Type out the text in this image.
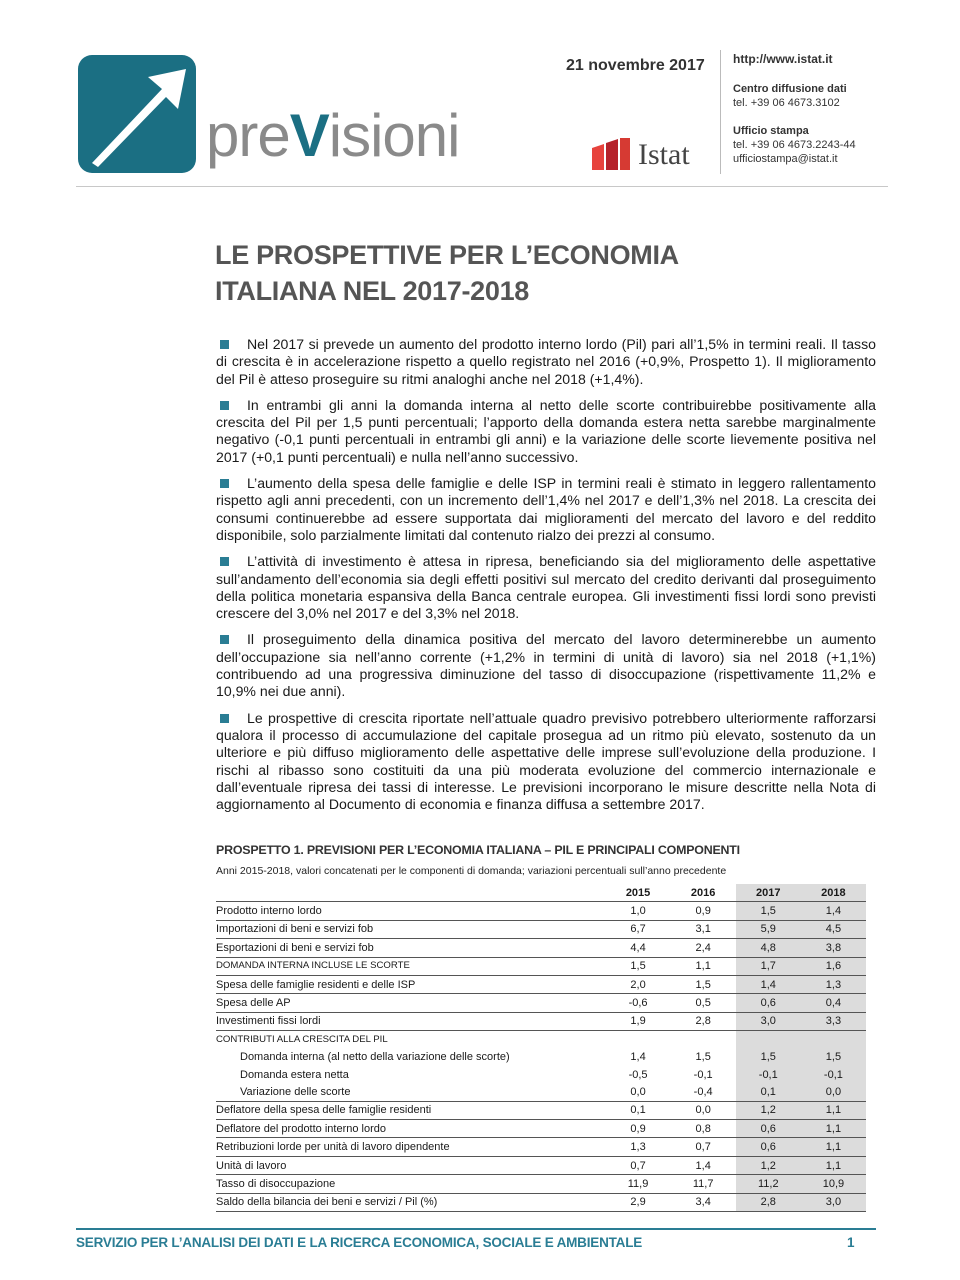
preVisioni
21 novembre 2017
Istat
http://www.istat.it
Centro diffusione dati
tel. +39 06 4673.3102
Ufficio stampa
tel. +39 06 4673.2243-44
ufficiostampa@istat.it
LE PROSPETTIVE PER L’ECONOMIA
ITALIANA NEL 2017-2018

Nel 2017 si prevede un aumento del prodotto interno lordo (Pil) pari all’1,5% in termini reali. Il tasso di crescita è in accelerazione rispetto a quello registrato nel 2016 (+0,9%, Prospetto 1). Il miglioramento del Pil è atteso proseguire su ritmi analoghi anche nel 2018 (+1,4%).

In entrambi gli anni la domanda interna al netto delle scorte contribuirebbe positivamente alla crescita del Pil per 1,5 punti percentuali; l’apporto della domanda estera netta sarebbe marginalmente negativo (-0,1 punti percentuali in entrambi gli anni) e la variazione delle scorte lievemente positiva nel 2017 (+0,1 punti percentuali) e nulla nell’anno successivo.

L’aumento della spesa delle famiglie e delle ISP in termini reali è stimato in leggero rallentamento rispetto agli anni precedenti, con un incremento dell’1,4% nel 2017 e dell’1,3% nel 2018. La crescita dei consumi continuerebbe ad essere supportata dai miglioramenti del mercato del lavoro e del reddito disponibile, solo parzialmente limitati dal contenuto rialzo dei prezzi al consumo.

L’attività di investimento è attesa in ripresa, beneficiando sia del miglioramento delle aspettative sull’andamento dell’economia sia degli effetti positivi sul mercato del credito derivanti dal proseguimento della politica monetaria espansiva della Banca centrale europea. Gli investimenti fissi lordi sono previsti crescere del 3,0% nel 2017 e del 3,3% nel 2018.

Il proseguimento della dinamica positiva del mercato del lavoro determinerebbe un aumento dell’occupazione sia nell’anno corrente (+1,2% in termini di unità di lavoro) sia nel 2018 (+1,1%) contribuendo ad una progressiva diminuzione del tasso di disoccupazione (rispettivamente 11,2% e 10,9% nei due anni).

Le prospettive di crescita riportate nell’attuale quadro previsivo potrebbero ulteriormente rafforzarsi qualora il processo di accumulazione del capitale prosegua ad un ritmo più elevato, sostenuto da un ulteriore e più diffuso miglioramento delle aspettative delle imprese sull’evoluzione della produzione. I rischi al ribasso sono costituiti da una più moderata evoluzione del commercio internazionale e dall’eventuale ripresa dei tassi di interesse. Le previsioni incorporano le misure descritte nella Nota di aggiornamento al Documento di economia e finanza diffusa a settembre 2017.

PROSPETTO 1. PREVISIONI PER L’ECONOMIA ITALIANA – PIL E PRINCIPALI COMPONENTI
Anni 2015-2018, valori concatenati per le componenti di domanda; variazioni percentuali sull’anno precedente
	2015	2016	2017	2018
Prodotto interno lordo	1,0	0,9	1,5	1,4
Importazioni di beni e servizi fob	6,7	3,1	5,9	4,5
Esportazioni di beni e servizi fob	4,4	2,4	4,8	3,8
DOMANDA INTERNA INCLUSE LE SCORTE	1,5	1,1	1,7	1,6
Spesa delle famiglie residenti e delle ISP	2,0	1,5	1,4	1,3
Spesa delle AP	-0,6	0,5	0,6	0,4
Investimenti fissi lordi	1,9	2,8	3,0	3,3
CONTRIBUTI ALLA CRESCITA DEL PIL				
Domanda interna (al netto della variazione delle scorte)	1,4	1,5	1,5	1,5
Domanda estera netta	-0,5	-0,1	-0,1	-0,1
Variazione delle scorte	0,0	-0,4	0,1	0,0
Deflatore della spesa delle famiglie residenti	0,1	0,0	1,2	1,1
Deflatore del prodotto interno lordo	0,9	0,8	0,6	1,1
Retribuzioni lorde per unità di lavoro dipendente	1,3	0,7	0,6	1,1
Unità di lavoro	0,7	1,4	1,2	1,1
Tasso di disoccupazione	11,9	11,7	11,2	10,9
Saldo della bilancia dei beni e servizi / Pil (%)	2,9	3,4	2,8	3,0
SERVIZIO PER L’ANALISI DEI DATI E LA RICERCA ECONOMICA, SOCIALE E AMBIENTALE	1
